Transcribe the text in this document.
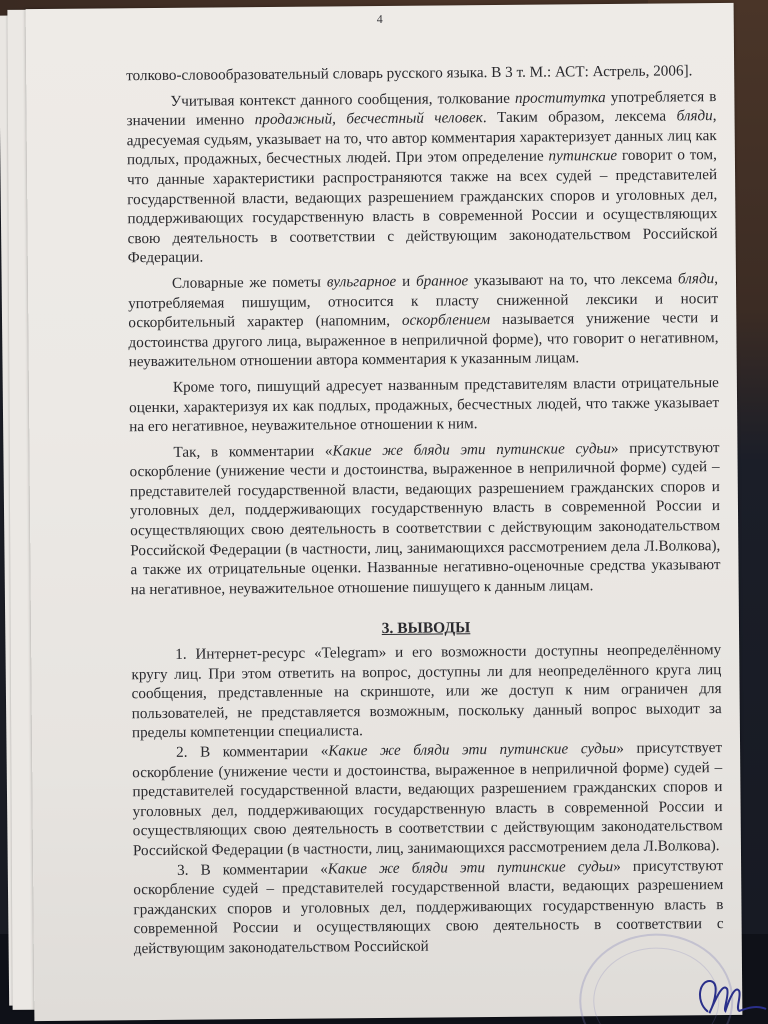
4

толково-словообразовательный словарь русского языка. В 3 т. М.: АСТ: Астрель, 2006].

Учитывая контекст данного сообщения, толкование проститутка употребляется в значении именно продажный, бесчестный человек. Таким образом, лексема бляди, адресуемая судьям, указывает на то, что автор комментария характеризует данных лиц как подлых, продажных, бесчестных людей. При этом определение путинские говорит о том, что данные характеристики распространяются также на всех судей – представителей государственной власти, ведающих разрешением гражданских споров и уголовных дел, поддерживающих государственную власть в современной России и осуществляющих свою деятельность в соответствии с действующим законодательством Российской Федерации.

Словарные же пометы вульгарное и бранное указывают на то, что лексема бляди, употребляемая пишущим, относится к пласту сниженной лексики и носит оскорбительный характер (напомним, оскорблением называется унижение чести и достоинства другого лица, выраженное в неприличной форме), что говорит о негативном, неуважительном отношении автора комментария к указанным лицам.

Кроме того, пишущий адресует названным представителям власти отрицательные оценки, характеризуя их как подлых, продажных, бесчестных людей, что также указывает на его негативное, неуважительное отношении к ним.

Так, в комментарии «Какие же бляди эти путинские судьи» присутствуют оскорбление (унижение чести и достоинства, выраженное в неприличной форме) судей – представителей государственной власти, ведающих разрешением гражданских споров и уголовных дел, поддерживающих государственную власть в современной России и осуществляющих свою деятельность в соответствии с действующим законодательством Российской Федерации (в частности, лиц, занимающихся рассмотрением дела Л.Волкова), а также их отрицательные оценки. Названные негативно-оценочные средства указывают на негативное, неуважительное отношение пишущего к данным лицам.

3. ВЫВОДЫ

1. Интернет-ресурс «Telegram» и его возможности доступны неопределённому кругу лиц. При этом ответить на вопрос, доступны ли для неопределённого круга лиц сообщения, представленные на скриншоте, или же доступ к ним ограничен для пользователей, не представляется возможным, поскольку данный вопрос выходит за пределы компетенции специалиста.

2. В комментарии «Какие же бляди эти путинские судьи» присутствует оскорбление (унижение чести и достоинства, выраженное в неприличной форме) судей – представителей государственной власти, ведающих разрешением гражданских споров и уголовных дел, поддерживающих государственную власть в современной России и осуществляющих свою деятельность в соответствии с действующим законодательством Российской Федерации (в частности, лиц, занимающихся рассмотрением дела Л.Волкова).

3. В комментарии «Какие же бляди эти путинские судьи» присутствуют оскорбление судей – представителей государственной власти, ведающих разрешением гражданских споров и уголовных дел, поддерживающих государственную власть в современной России и осуществляющих свою деятельность в соответствии с действующим законодательством Российской
